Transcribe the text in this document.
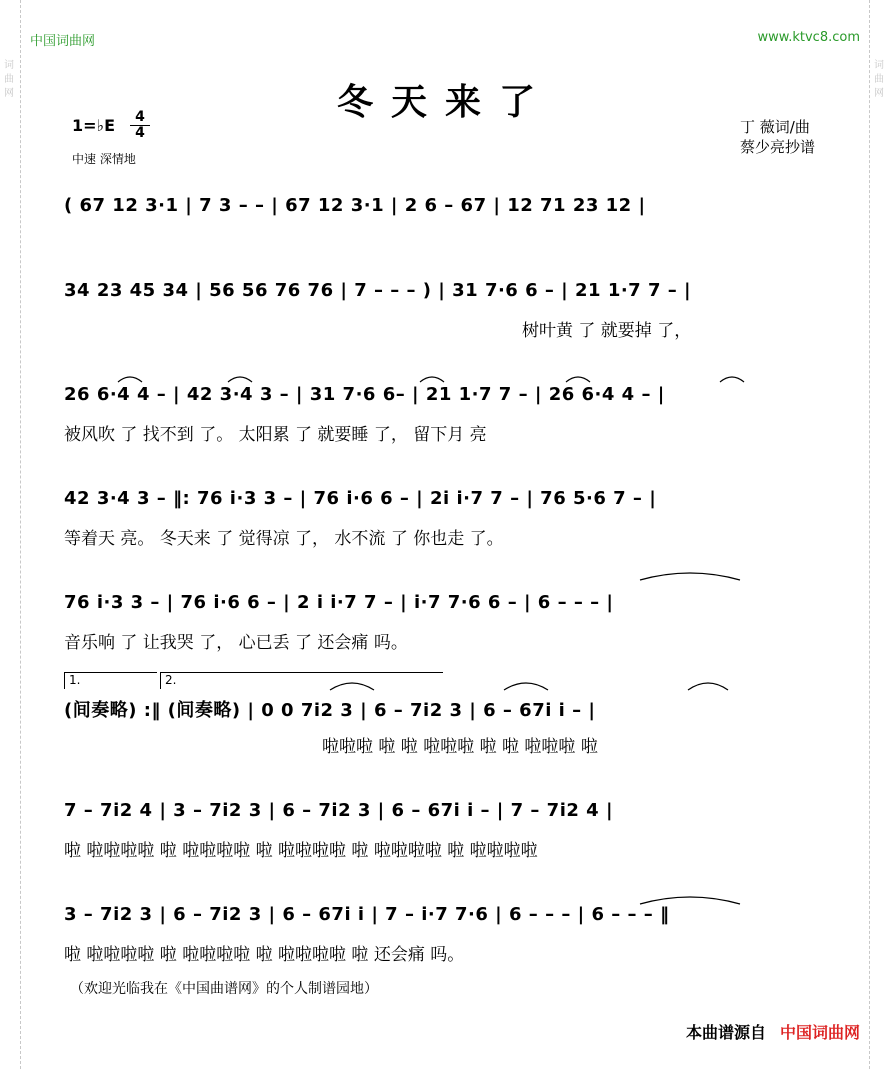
词
曲
网
词
曲
网
中国词曲网	www.ktvc8.com
冬天来了
1=♭E	4
4
中速 深情地
丁 薇词/曲
蔡少亮抄谱
( 67 12 3·1 | 7 3 – – | 67 12 3·1 | 2 6 – 67 | 12 71 23 12 |
34 23 45 34 | 56 56 76 76 | 7 – – – ) | 31 7·6 6 – | 21 1·7 7 – |
树叶黄 了 就要掉 了，
26 6·4 4 – | 42 3·4 3 – | 31 7·6 6– | 21 1·7 7 – | 26 6·4 4 – |
被风吹 了 找不到 了。 太阳累 了 就要睡 了， 留下月 亮
42 3·4 3 – ‖: 76 i·3 3 – | 76 i·6 6 – | 2i i·7 7 – | 76 5·6 7 – |
等着天 亮。 冬天来 了 觉得凉 了， 水不流 了 你也走 了。
76 i·3 3 – | 76 i·6 6 – | 2 i i·7 7 – | i·7 7·6 6 – | 6 – – – |
音乐响 了 让我哭 了， 心已丢 了 还会痛 吗。
1.	2.
(间奏略) :‖ (间奏略) | 0 0 7i2 3 | 6 – 7i2 3 | 6 – 67i i – |
啦啦啦 啦 啦 啦啦啦 啦 啦 啦啦啦 啦
7 – 7i2 4 | 3 – 7i2 3 | 6 – 7i2 3 | 6 – 67i i – | 7 – 7i2 4 |
啦 啦啦啦啦 啦 啦啦啦啦 啦 啦啦啦啦 啦 啦啦啦啦 啦 啦啦啦啦
3 – 7i2 3 | 6 – 7i2 3 | 6 – 67i i | 7 – i·7 7·6 | 6 – – – | 6 – – – ‖
啦 啦啦啦啦 啦 啦啦啦啦 啦 啦啦啦啦 啦 还会痛 吗。
（欢迎光临我在《中国曲谱网》的个人制谱园地）
本曲谱源自 中国词曲网
